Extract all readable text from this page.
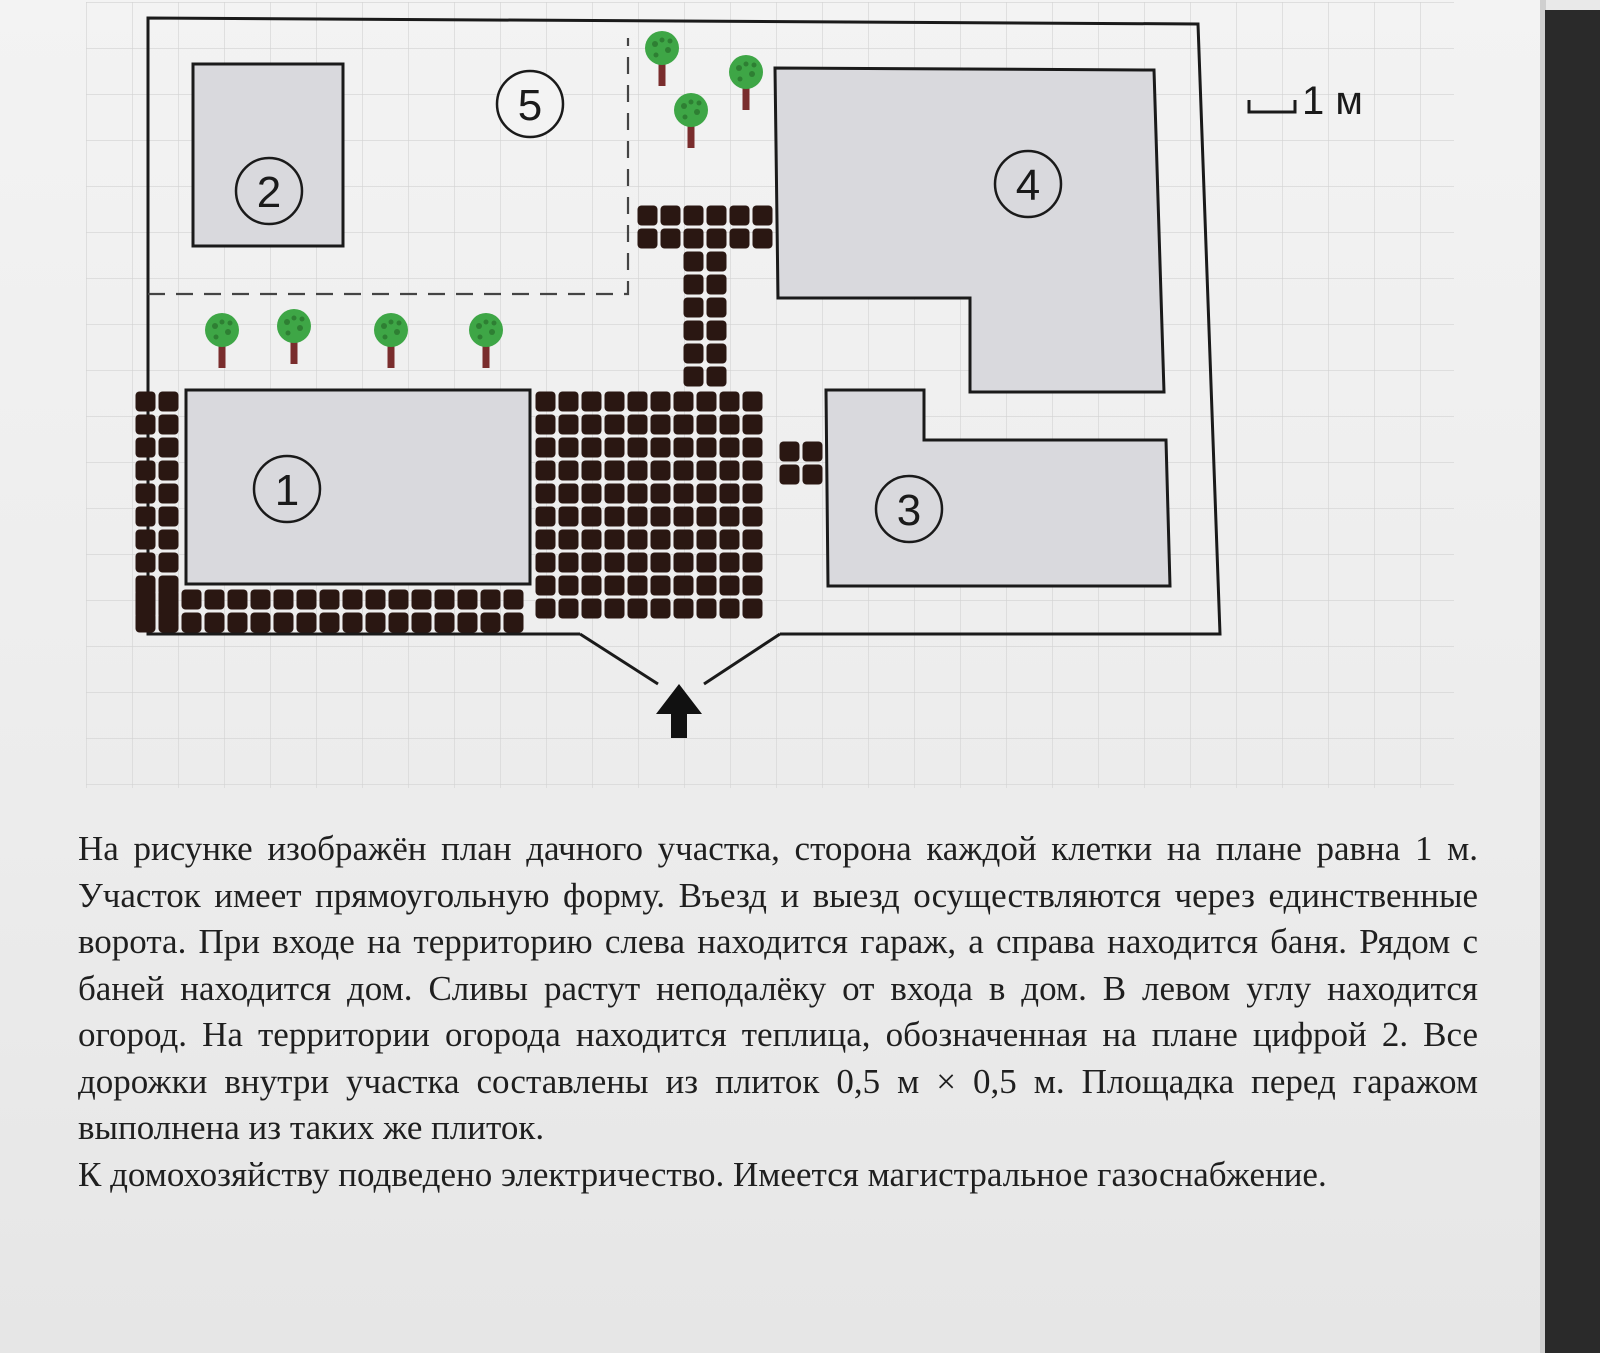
1
2
3
4
5	1 м

На рисунке изображён план дачного участка, сторона каждой клетки на плане равна 1 м. Участок имеет прямоугольную форму. Въезд и выезд осуществляются через единственные ворота. При входе на территорию слева находится гараж, а справа находится баня. Рядом с баней находится дом. Сливы растут неподалёку от входа в дом. В левом углу находится огород. На территории огорода находится теплица, обозначенная на плане цифрой 2. Все дорожки внутри участка составлены из плиток 0,5 м × 0,5 м. Площадка перед гаражом выполнена из таких же плиток.

К домохозяйству подведено электричество. Имеется магистральное газоснабжение.
